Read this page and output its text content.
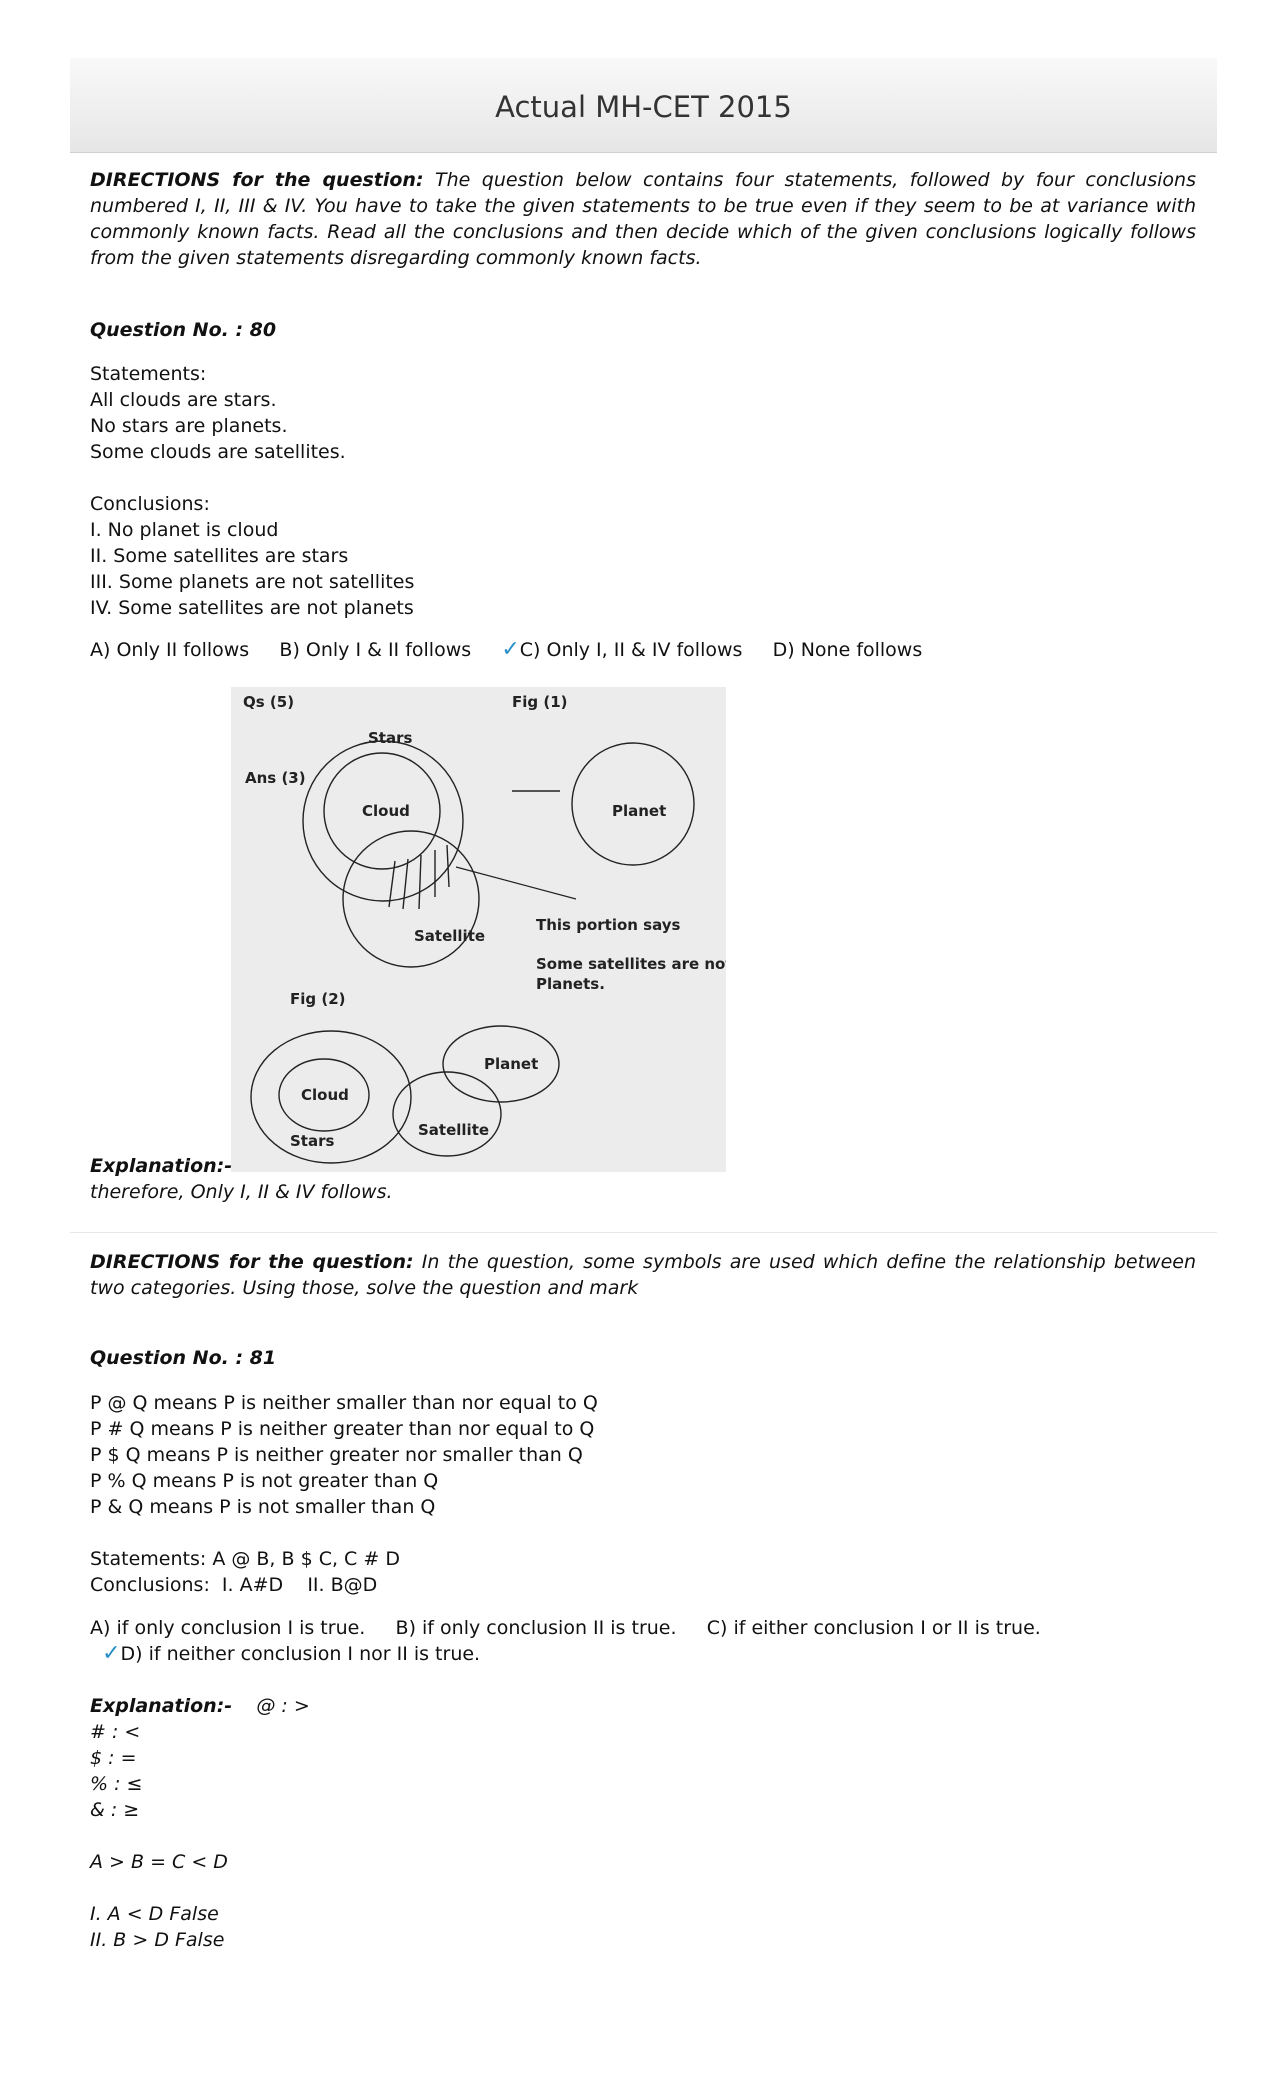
Actual MH-CET 2015
DIRECTIONS for the question: The question below contains four statements, followed by four conclusions numbered I, II, III & IV. You have to take the given statements to be true even if they seem to be at variance with commonly known facts. Read all the conclusions and then decide which of the given conclusions logically follows from the given statements disregarding commonly known facts.
Question No. : 80
Statements:
All clouds are stars.
No stars are planets.
Some clouds are satellites.
Conclusions:
I. No planet is cloud
II. Some satellites are stars
III. Some planets are not satellites
IV. Some satellites are not planets
A) Only II follows B) Only I & II follows ✓C) Only I, II & IV follows D) None follows
Qs (5)	Fig (1)
Ans (3)
Stars
Cloud	Planet
Satellite
This portion says
Some satellites are not
Planets.
Fig (2)
Planet
Cloud
Satellite
Stars
Explanation:-
therefore, Only I, II & IV follows.
DIRECTIONS for the question: In the question, some symbols are used which define the relationship between two categories. Using those, solve the question and mark
Question No. : 81
P @ Q means P is neither smaller than nor equal to Q
P # Q means P is neither greater than nor equal to Q
P $ Q means P is neither greater nor smaller than Q
P % Q means P is not greater than Q
P & Q means P is not smaller than Q
Statements: A @ B, B $ C, C # D
Conclusions:  I. A#D    II. B@D
A) if only conclusion I is true.     B) if only conclusion II is true.     C) if either conclusion I or II is true.
✓D) if neither conclusion I nor II is true.
Explanation:- @ : >
# : <
$ : =
% : ≤
& : ≥
A > B = C < D
I. A < D False
II. B > D False
